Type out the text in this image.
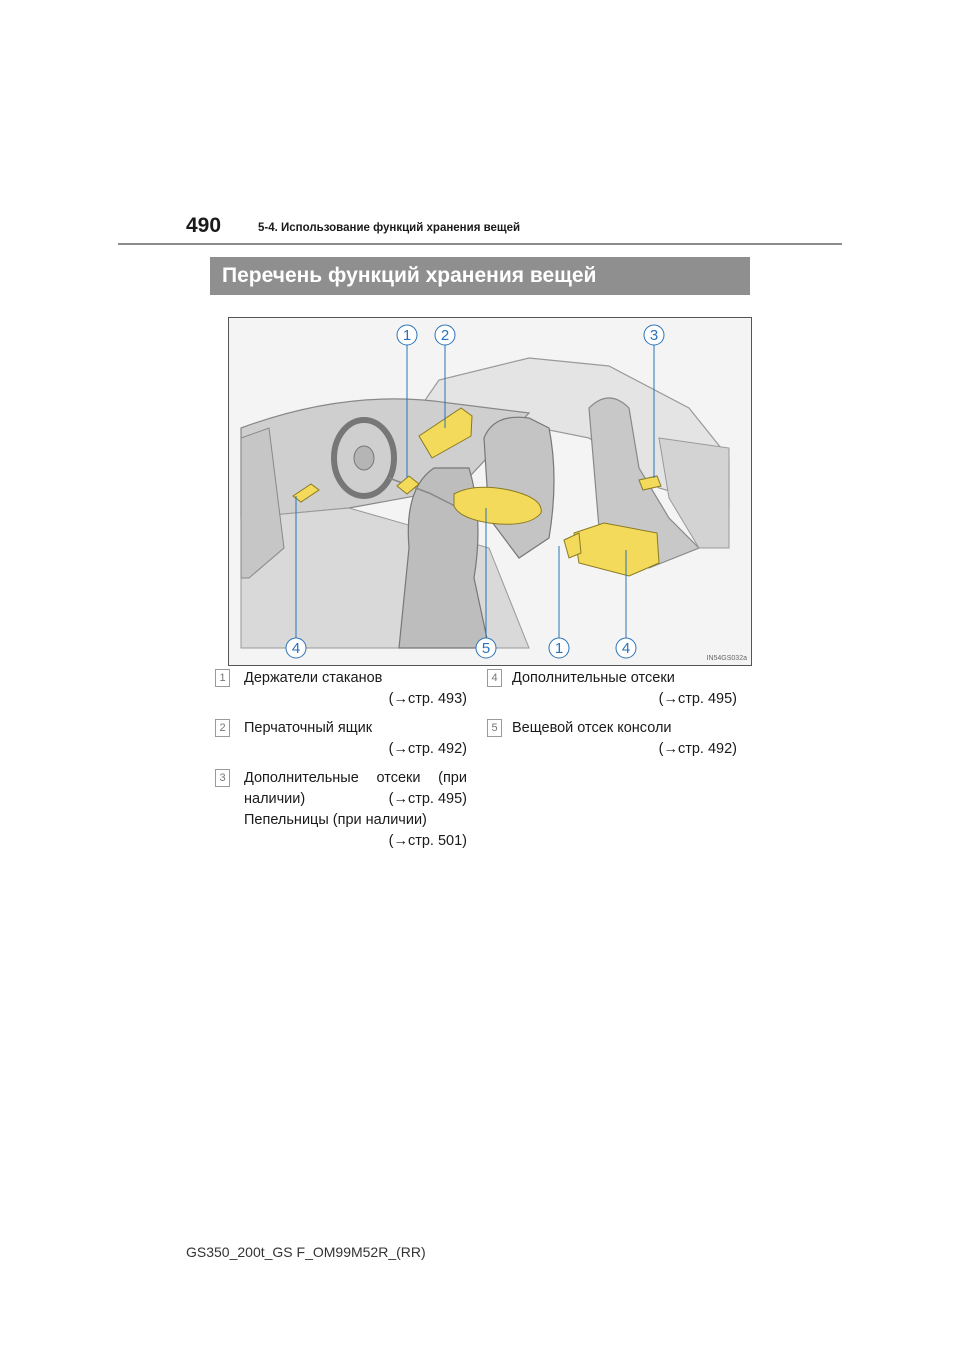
490	5-4. Использование функций хранения вещей
Перечень функций хранения вещей
1 2	3
4	5	1	4
IN54GS032a
1	Держатели стаканов
(→стр. 493)
2	Перчаточный ящик
(→стр. 492)
3	Дополнительные отсеки (при
наличии)	(→стр. 495)
Пепельницы (при наличии)
(→стр. 501)
4 Дополнительные отсеки
(→стр. 495)
5 Вещевой отсек консоли
(→стр. 492)
GS350_200t_GS F_OM99M52R_(RR)
